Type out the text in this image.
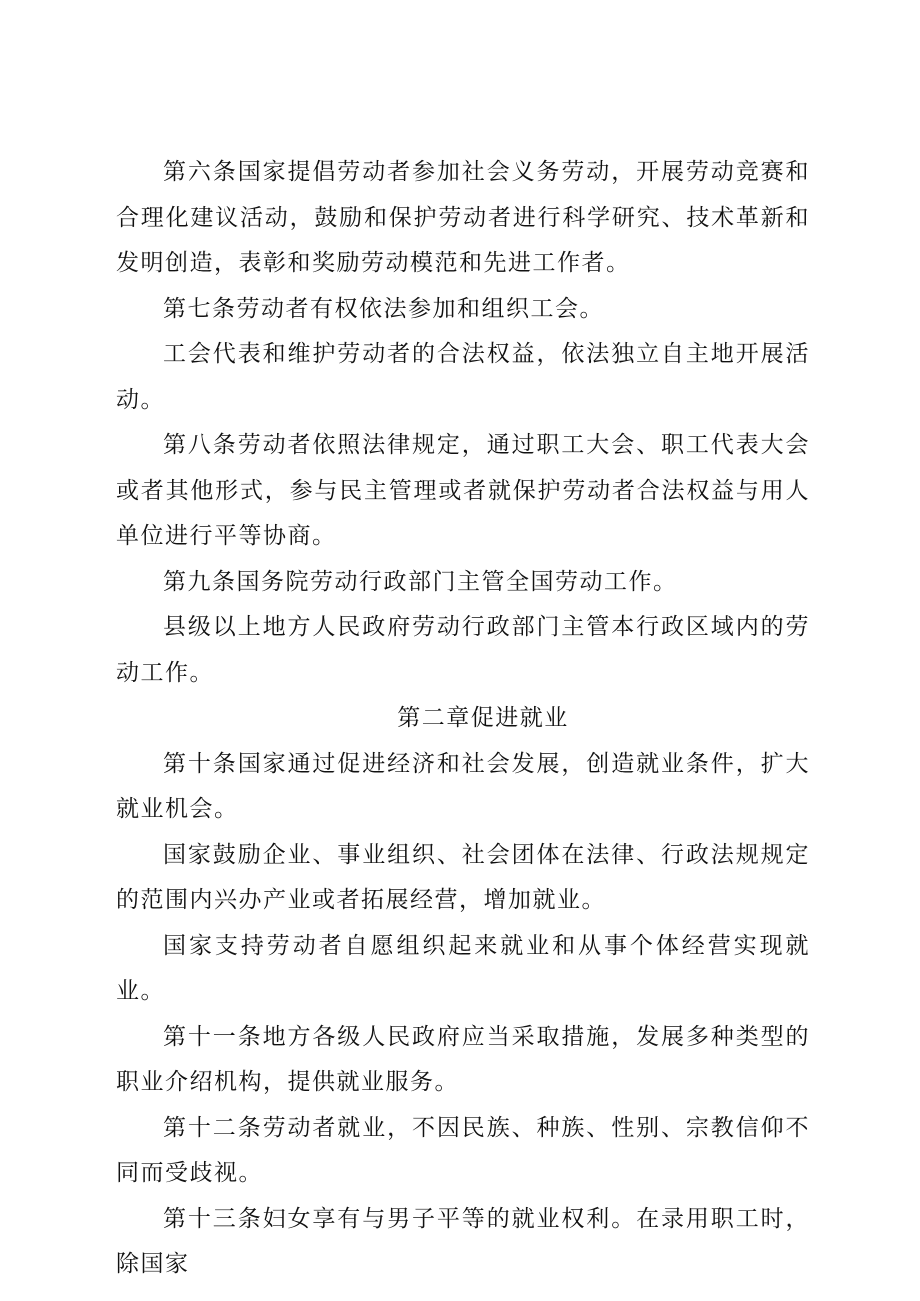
第六条国家提倡劳动者参加社会义务劳动，开展劳动竞赛和合理化建议活动，鼓励和保护劳动者进行科学研究、技术革新和发明创造，表彰和奖励劳动模范和先进工作者。

第七条劳动者有权依法参加和组织工会。

工会代表和维护劳动者的合法权益，依法独立自主地开展活动。

第八条劳动者依照法律规定，通过职工大会、职工代表大会或者其他形式，参与民主管理或者就保护劳动者合法权益与用人单位进行平等协商。

第九条国务院劳动行政部门主管全国劳动工作。

县级以上地方人民政府劳动行政部门主管本行政区域内的劳动工作。

第二章促进就业

第十条国家通过促进经济和社会发展，创造就业条件，扩大就业机会。

国家鼓励企业、事业组织、社会团体在法律、行政法规规定的范围内兴办产业或者拓展经营，增加就业。

国家支持劳动者自愿组织起来就业和从事个体经营实现就业。

第十一条地方各级人民政府应当采取措施，发展多种类型的职业介绍机构，提供就业服务。

第十二条劳动者就业，不因民族、种族、性别、宗教信仰不同而受歧视。

第十三条妇女享有与男子平等的就业权利。在录用职工时，除国家
